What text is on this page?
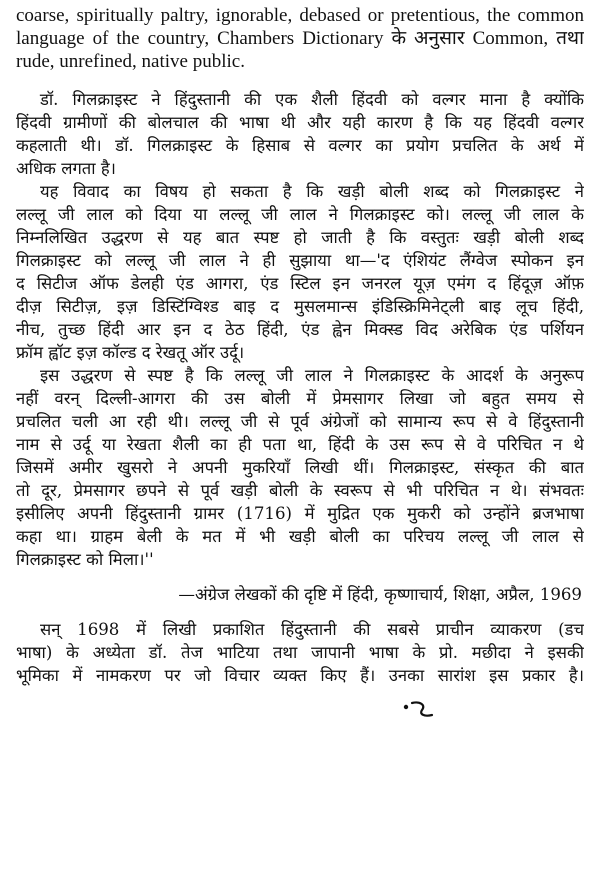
coarse, spiritually paltry, ignorable, debased or pretentious, the common
language of the country, Chambers Dictionary के अनुसार Common, तथा
rude, unrefined, native public.
डॉ. गिलक्राइस्ट ने हिंदुस्तानी की एक शैली हिंदवी को वल्गर माना है क्योंकि
हिंदवी ग्रामीणों की बोलचाल की भाषा थी और यही कारण है कि यह हिंदवी वल्गर
कहलाती थी। डॉ. गिलक्राइस्ट के हिसाब से वल्गर का प्रयोग प्रचलित के अर्थ में
अधिक लगता है।
यह विवाद का विषय हो सकता है कि खड़ी बोली शब्द को गिलक्राइस्ट ने
लल्लू जी लाल को दिया या लल्लू जी लाल ने गिलक्राइस्ट को। लल्लू जी लाल के
निम्नलिखित उद्धरण से यह बात स्पष्ट हो जाती है कि वस्तुतः खड़ी बोली शब्द
गिलक्राइस्ट को लल्लू जी लाल ने ही सुझाया था—'द एंशियंट लैंग्वेज स्पोकन इन
द सिटीज ऑफ डेलही एंड आगरा, एंड स्टिल इन जनरल यूज़ एमंग द हिंदूज़ ऑफ़
दीज़ सिटीज़, इज़ डिस्टिंग्विश्ड बाइ द मुसलमान्स इंडिस्क्रिमिनेट्ली बाइ लूच हिंदी,
नीच, तुच्छ हिंदी आर इन द ठेठ हिंदी, एंड ह्वेन मिक्स्ड विद अरेबिक एंड पर्शियन
फ्रॉम ह्वॉट इज़ कॉल्ड द रेखतू ऑर उर्दू।
इस उद्धरण से स्पष्ट है कि लल्लू जी लाल ने गिलक्राइस्ट के आदर्श के अनुरूप
नहीं वरन् दिल्ली-आगरा की उस बोली में प्रेमसागर लिखा जो बहुत समय से
प्रचलित चली आ रही थी। लल्लू जी से पूर्व अंग्रेजों को सामान्य रूप से वे हिंदुस्तानी
नाम से उर्दू या रेखता शैली का ही पता था, हिंदी के उस रूप से वे परिचित न थे
जिसमें अमीर खुसरो ने अपनी मुकरियाँ लिखी थीं। गिलक्राइस्ट, संस्कृत की बात
तो दूर, प्रेमसागर छपने से पूर्व खड़ी बोली के स्वरूप से भी परिचित न थे। संभवतः
इसीलिए अपनी हिंदुस्तानी ग्रामर (1716) में मुद्रित एक मुकरी को उन्होंने ब्रजभाषा
कहा था। ग्राहम बेली के मत में भी खड़ी बोली का परिचय लल्लू जी लाल से
गिलक्राइस्ट को मिला।''
—अंग्रेज लेखकों की दृष्टि में हिंदी, कृष्णाचार्य, शिक्षा, अप्रैल, 1969
सन् 1698 में लिखी प्रकाशित हिंदुस्तानी की सबसे प्राचीन व्याकरण (डच
भाषा) के अध्येता डॉ. तेज भाटिया तथा जापानी भाषा के प्रो. मछीदा ने इसकी
भूमिका में नामकरण पर जो विचार व्यक्त किए हैं। उनका सारांश इस प्रकार है।
